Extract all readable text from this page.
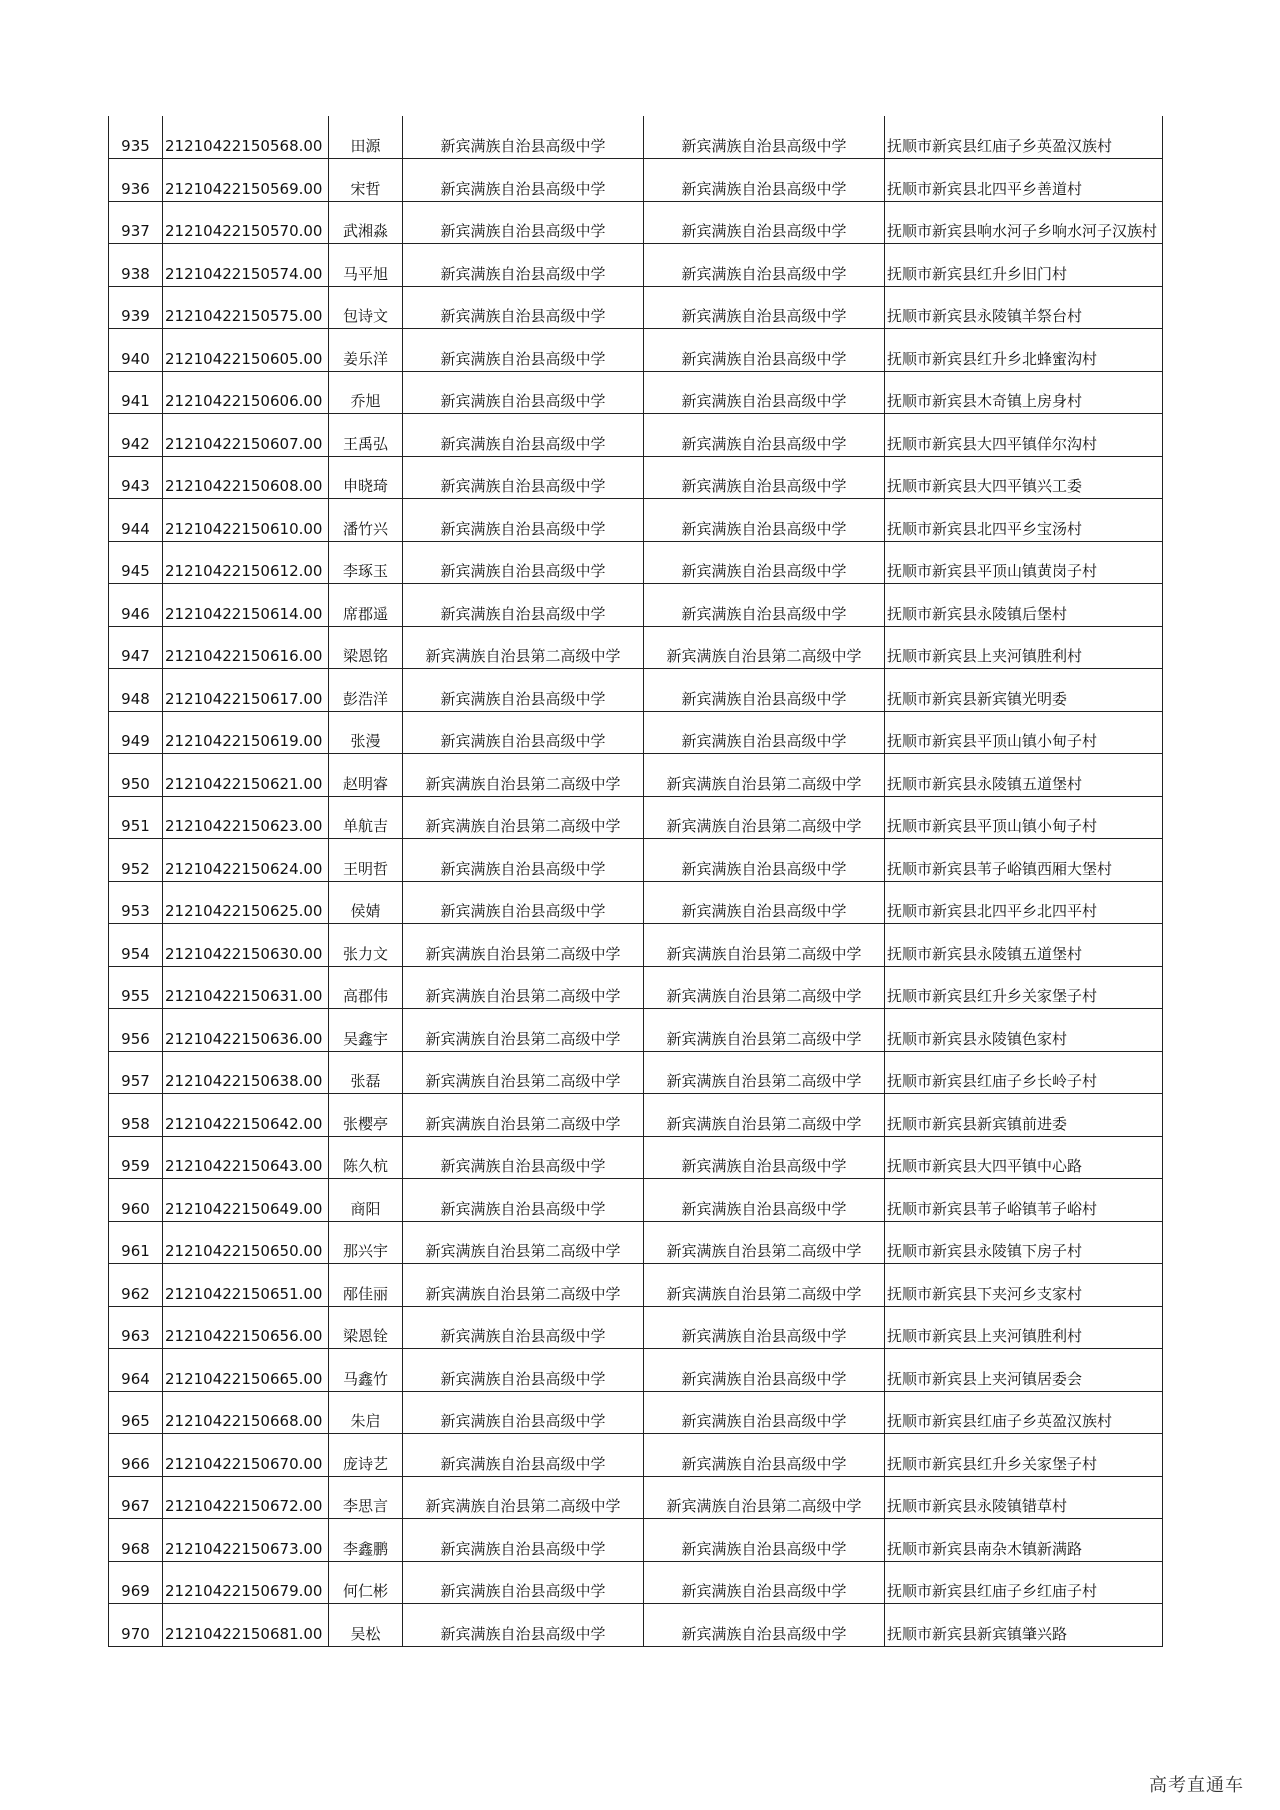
935	21210422150568.00	田源	新宾满族自治县高级中学	新宾满族自治县高级中学	抚顺市新宾县红庙子乡英盈汉族村
936	21210422150569.00	宋哲	新宾满族自治县高级中学	新宾满族自治县高级中学	抚顺市新宾县北四平乡善道村
937	21210422150570.00	武湘淼	新宾满族自治县高级中学	新宾满族自治县高级中学	抚顺市新宾县响水河子乡响水河子汉族村
938	21210422150574.00	马平旭	新宾满族自治县高级中学	新宾满族自治县高级中学	抚顺市新宾县红升乡旧门村
939	21210422150575.00	包诗文	新宾满族自治县高级中学	新宾满族自治县高级中学	抚顺市新宾县永陵镇羊祭台村
940	21210422150605.00	姜乐洋	新宾满族自治县高级中学	新宾满族自治县高级中学	抚顺市新宾县红升乡北蜂蜜沟村
941	21210422150606.00	乔旭	新宾满族自治县高级中学	新宾满族自治县高级中学	抚顺市新宾县木奇镇上房身村
942	21210422150607.00	王禹弘	新宾满族自治县高级中学	新宾满族自治县高级中学	抚顺市新宾县大四平镇佯尔沟村
943	21210422150608.00	申晓琦	新宾满族自治县高级中学	新宾满族自治县高级中学	抚顺市新宾县大四平镇兴工委
944	21210422150610.00	潘竹兴	新宾满族自治县高级中学	新宾满族自治县高级中学	抚顺市新宾县北四平乡宝汤村
945	21210422150612.00	李琢玉	新宾满族自治县高级中学	新宾满族自治县高级中学	抚顺市新宾县平顶山镇黄岗子村
946	21210422150614.00	席郡遥	新宾满族自治县高级中学	新宾满族自治县高级中学	抚顺市新宾县永陵镇后堡村
947	21210422150616.00	梁恩铭	新宾满族自治县第二高级中学	新宾满族自治县第二高级中学	抚顺市新宾县上夹河镇胜利村
948	21210422150617.00	彭浩洋	新宾满族自治县高级中学	新宾满族自治县高级中学	抚顺市新宾县新宾镇光明委
949	21210422150619.00	张漫	新宾满族自治县高级中学	新宾满族自治县高级中学	抚顺市新宾县平顶山镇小甸子村
950	21210422150621.00	赵明睿	新宾满族自治县第二高级中学	新宾满族自治县第二高级中学	抚顺市新宾县永陵镇五道堡村
951	21210422150623.00	单航吉	新宾满族自治县第二高级中学	新宾满族自治县第二高级中学	抚顺市新宾县平顶山镇小甸子村
952	21210422150624.00	王明哲	新宾满族自治县高级中学	新宾满族自治县高级中学	抚顺市新宾县苇子峪镇西厢大堡村
953	21210422150625.00	侯婧	新宾满族自治县高级中学	新宾满族自治县高级中学	抚顺市新宾县北四平乡北四平村
954	21210422150630.00	张力文	新宾满族自治县第二高级中学	新宾满族自治县第二高级中学	抚顺市新宾县永陵镇五道堡村
955	21210422150631.00	高郡伟	新宾满族自治县第二高级中学	新宾满族自治县第二高级中学	抚顺市新宾县红升乡关家堡子村
956	21210422150636.00	吴鑫宇	新宾满族自治县第二高级中学	新宾满族自治县第二高级中学	抚顺市新宾县永陵镇色家村
957	21210422150638.00	张磊	新宾满族自治县第二高级中学	新宾满族自治县第二高级中学	抚顺市新宾县红庙子乡长岭子村
958	21210422150642.00	张樱亭	新宾满族自治县第二高级中学	新宾满族自治县第二高级中学	抚顺市新宾县新宾镇前进委
959	21210422150643.00	陈久杭	新宾满族自治县高级中学	新宾满族自治县高级中学	抚顺市新宾县大四平镇中心路
960	21210422150649.00	商阳	新宾满族自治县高级中学	新宾满族自治县高级中学	抚顺市新宾县苇子峪镇苇子峪村
961	21210422150650.00	那兴宇	新宾满族自治县第二高级中学	新宾满族自治县第二高级中学	抚顺市新宾县永陵镇下房子村
962	21210422150651.00	邴佳丽	新宾满族自治县第二高级中学	新宾满族自治县第二高级中学	抚顺市新宾县下夹河乡支家村
963	21210422150656.00	梁恩铨	新宾满族自治县高级中学	新宾满族自治县高级中学	抚顺市新宾县上夹河镇胜利村
964	21210422150665.00	马鑫竹	新宾满族自治县高级中学	新宾满族自治县高级中学	抚顺市新宾县上夹河镇居委会
965	21210422150668.00	朱启	新宾满族自治县高级中学	新宾满族自治县高级中学	抚顺市新宾县红庙子乡英盈汉族村
966	21210422150670.00	庞诗艺	新宾满族自治县高级中学	新宾满族自治县高级中学	抚顺市新宾县红升乡关家堡子村
967	21210422150672.00	李思言	新宾满族自治县第二高级中学	新宾满族自治县第二高级中学	抚顺市新宾县永陵镇错草村
968	21210422150673.00	李鑫鹏	新宾满族自治县高级中学	新宾满族自治县高级中学	抚顺市新宾县南杂木镇新满路
969	21210422150679.00	何仁彬	新宾满族自治县高级中学	新宾满族自治县高级中学	抚顺市新宾县红庙子乡红庙子村
970	21210422150681.00	吴松	新宾满族自治县高级中学	新宾满族自治县高级中学	抚顺市新宾县新宾镇肇兴路
高考直通车
